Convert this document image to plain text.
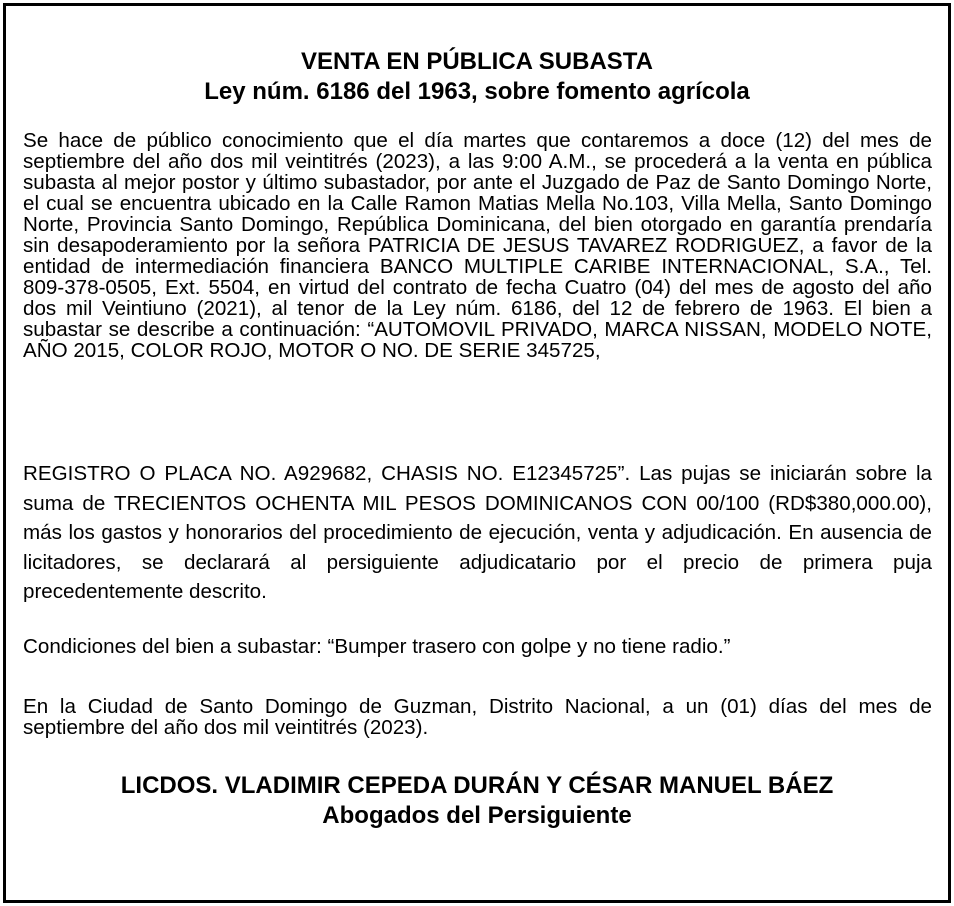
VENTA EN PÚBLICA SUBASTA
Ley núm. 6186 del 1963, sobre fomento agrícola

Se hace de público conocimiento que el día martes que contaremos a doce (12) del mes de septiembre del año dos mil veintitrés (2023), a las 9:00 A.M., se procederá a la venta en pública subasta al mejor postor y último subastador, por ante el Juzgado de Paz de Santo Domingo Norte, el cual se encuentra ubicado en la Calle Ramon Matias Mella No.103, Villa Mella, Santo Domingo Norte, Provincia Santo Domingo, República Dominicana, del bien otorgado en garantía prendaría sin desapoderamiento por la señora PATRICIA DE JESUS TAVAREZ RODRIGUEZ, a favor de la entidad de intermediación financiera BANCO MULTIPLE CARIBE INTERNACIONAL, S.A., Tel. 809-378-0505, Ext. 5504, en virtud del contrato de fecha Cuatro (04) del mes de agosto del año dos mil Veintiuno (2021), al tenor de la Ley núm. 6186, del 12 de febrero de 1963. El bien a subastar se describe a continuación: “AUTOMOVIL PRIVADO, MARCA NISSAN, MODELO NOTE, AÑO 2015, COLOR ROJO, MOTOR O NO. DE SERIE 345725,

REGISTRO O PLACA NO. A929682, CHASIS NO. E12345725”. Las pujas se iniciarán sobre la suma de TRECIENTOS OCHENTA MIL PESOS DOMINICANOS CON 00/100 (RD$380,000.00), más los gastos y honorarios del procedimiento de ejecución, venta y adjudicación. En ausencia de licitadores, se declarará al persiguiente adjudicatario por el precio de primera puja precedentemente descrito.

Condiciones del bien a subastar: “Bumper trasero con golpe y no tiene radio.”

En la Ciudad de Santo Domingo de Guzman, Distrito Nacional, a un (01) días del mes de septiembre del año dos mil veintitrés (2023).

LICDOS. VLADIMIR CEPEDA DURÁN Y CÉSAR MANUEL BÁEZ
Abogados del Persiguiente
